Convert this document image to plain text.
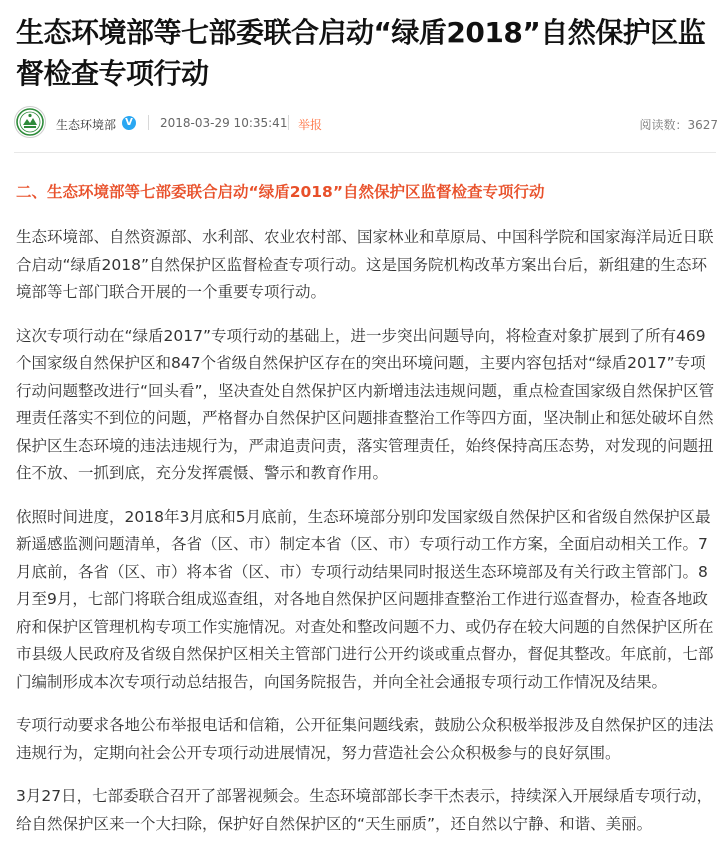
生态环境部等七部委联合启动“绿盾2018”自然保护区监督检查专项行动
生态环境部 V 2018-03-29 10:35:41 举报	阅读数：3627
二、生态环境部等七部委联合启动“绿盾2018”自然保护区监督检查专项行动

生态环境部、自然资源部、水利部、农业农村部、国家林业和草原局、中国科学院和国家海洋局近日联合启动“绿盾2018”自然保护区监督检查专项行动。这是国务院机构改革方案出台后，新组建的生态环境部等七部门联合开展的一个重要专项行动。

这次专项行动在“绿盾2017”专项行动的基础上，进一步突出问题导向，将检查对象扩展到了所有469个国家级自然保护区和847个省级自然保护区存在的突出环境问题，主要内容包括对“绿盾2017”专项行动问题整改进行“回头看”，坚决查处自然保护区内新增违法违规问题，重点检查国家级自然保护区管理责任落实不到位的问题，严格督办自然保护区问题排查整治工作等四方面，坚决制止和惩处破坏自然保护区生态环境的违法违规行为，严肃追责问责，落实管理责任，始终保持高压态势，对发现的问题扭住不放、一抓到底，充分发挥震慑、警示和教育作用。

依照时间进度，2018年3月底和5月底前，生态环境部分别印发国家级自然保护区和省级自然保护区最新遥感监测问题清单，各省（区、市）制定本省（区、市）专项行动工作方案，全面启动相关工作。7月底前，各省（区、市）将本省（区、市）专项行动结果同时报送生态环境部及有关行政主管部门。8月至9月，七部门将联合组成巡查组，对各地自然保护区问题排查整治工作进行巡查督办，检查各地政府和保护区管理机构专项工作实施情况。对查处和整改问题不力、或仍存在较大问题的自然保护区所在市县级人民政府及省级自然保护区相关主管部门进行公开约谈或重点督办，督促其整改。年底前，七部门编制形成本次专项行动总结报告，向国务院报告，并向全社会通报专项行动工作情况及结果。

专项行动要求各地公布举报电话和信箱，公开征集问题线索，鼓励公众积极举报涉及自然保护区的违法违规行为，定期向社会公开专项行动进展情况，努力营造社会公众积极参与的良好氛围。

3月27日，七部委联合召开了部署视频会。生态环境部部长李干杰表示，持续深入开展绿盾专项行动，给自然保护区来一个大扫除，保护好自然保护区的“天生丽质”，还自然以宁静、和谐、美丽。
